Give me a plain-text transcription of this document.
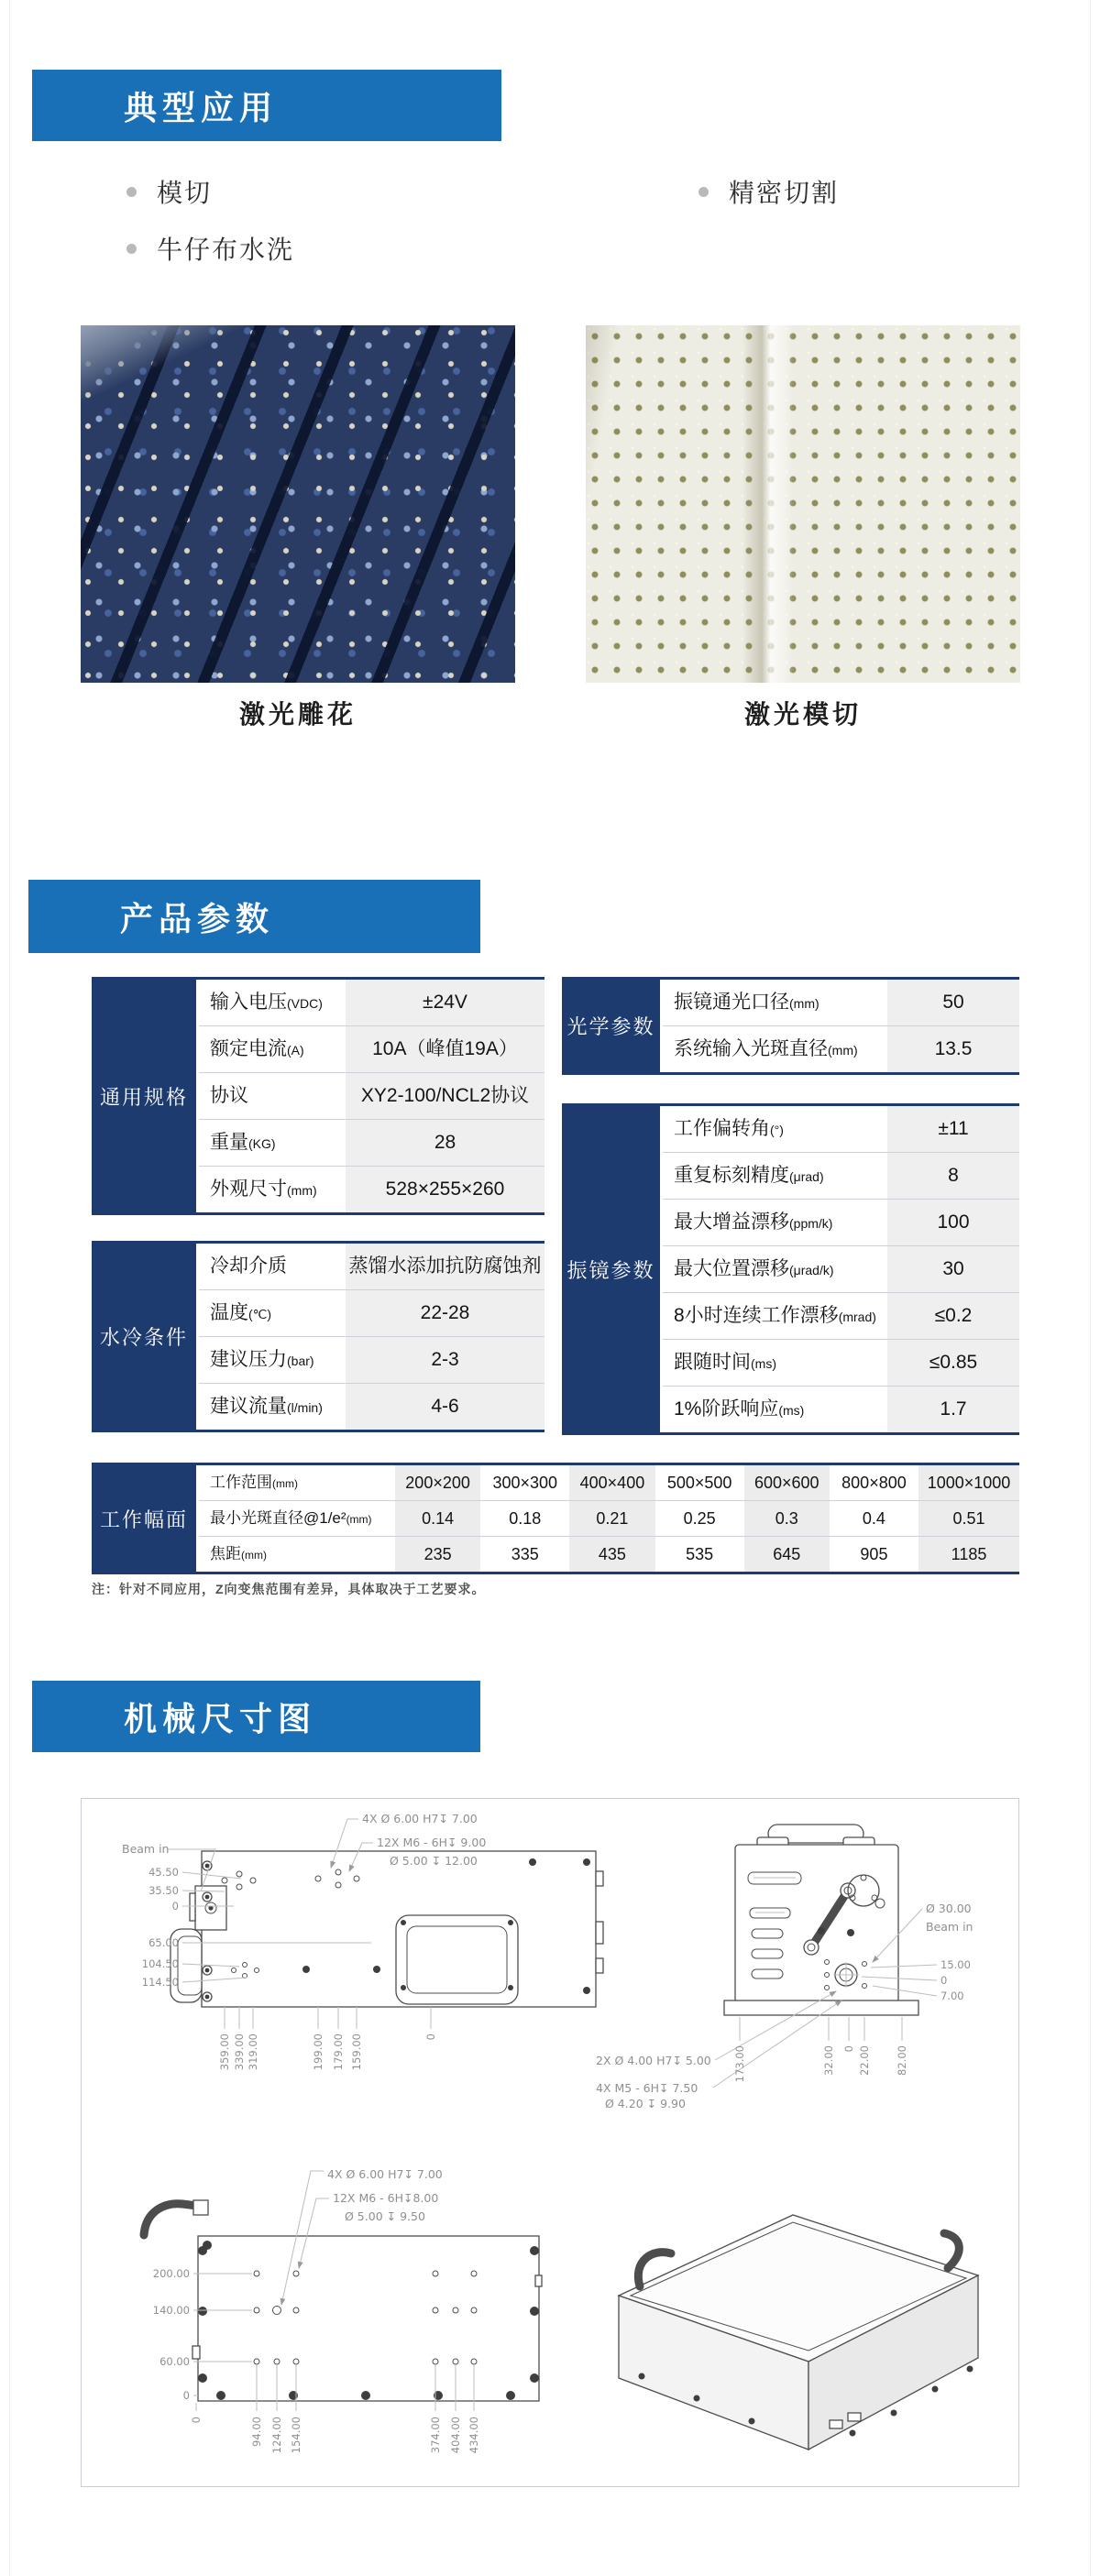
典型应用
模切
牛仔布水洗
精密切割
激光雕花	激光模切
产品参数
通用规格
输入电压(VDC)	±24V
额定电流(A)	10A（峰值19A）
协议	XY2-100/NCL2协议
重量(KG)	28
外观尺寸(mm)	528×255×260
水冷条件
冷却介质	蒸馏水添加抗防腐蚀剂
温度(℃)	22-28
建议压力(bar)	2-3
建议流量(l/min)	4-6
光学参数
振镜通光口径(mm)	50
系统输入光斑直径(mm)	13.5
振镜参数
工作偏转角(°)	±11
重复标刻精度(μrad)	8
最大增益漂移(ppm/k)	100
最大位置漂移(μrad/k)	30
8小时连续工作漂移(mrad)	≤0.2
跟随时间(ms)	≤0.85
1%阶跃响应(ms)	1.7
工作幅面
工作范围(mm)	200×200	300×300	400×400	500×500	600×600	800×800	1000×1000
最小光斑直径@1/e²(mm)	0.14	0.18	0.21	0.25	0.3	0.4	0.51
焦距(mm)	235	335	435	535	645	905	1185
注：针对不同应用，Z向变焦范围有差异，具体取决于工艺要求。
机械尺寸图
4X Ø 6.00 H7↧ 7.00
12X M6 - 6H↧ 9.00
Ø 5.00 ↧ 12.00
Beam in
45.50
35.50
0
65.00
104.50
114.50
359.00 339.00 319.00	199.00 179.00 159.00	0
Ø 30.00
Beam in
15.00
0
7.00
173.00	32.00 0 22.00 82.00
2X Ø 4.00 H7↧ 5.00
4X M5 - 6H↧ 7.50
Ø 4.20 ↧ 9.90
4X Ø 6.00 H7↧ 7.00
12X M6 - 6H↧8.00
Ø 5.00 ↧ 9.50
200.00
140.00
60.00
0
0	94.00 124.00 154.00	374.00 404.00 434.00
